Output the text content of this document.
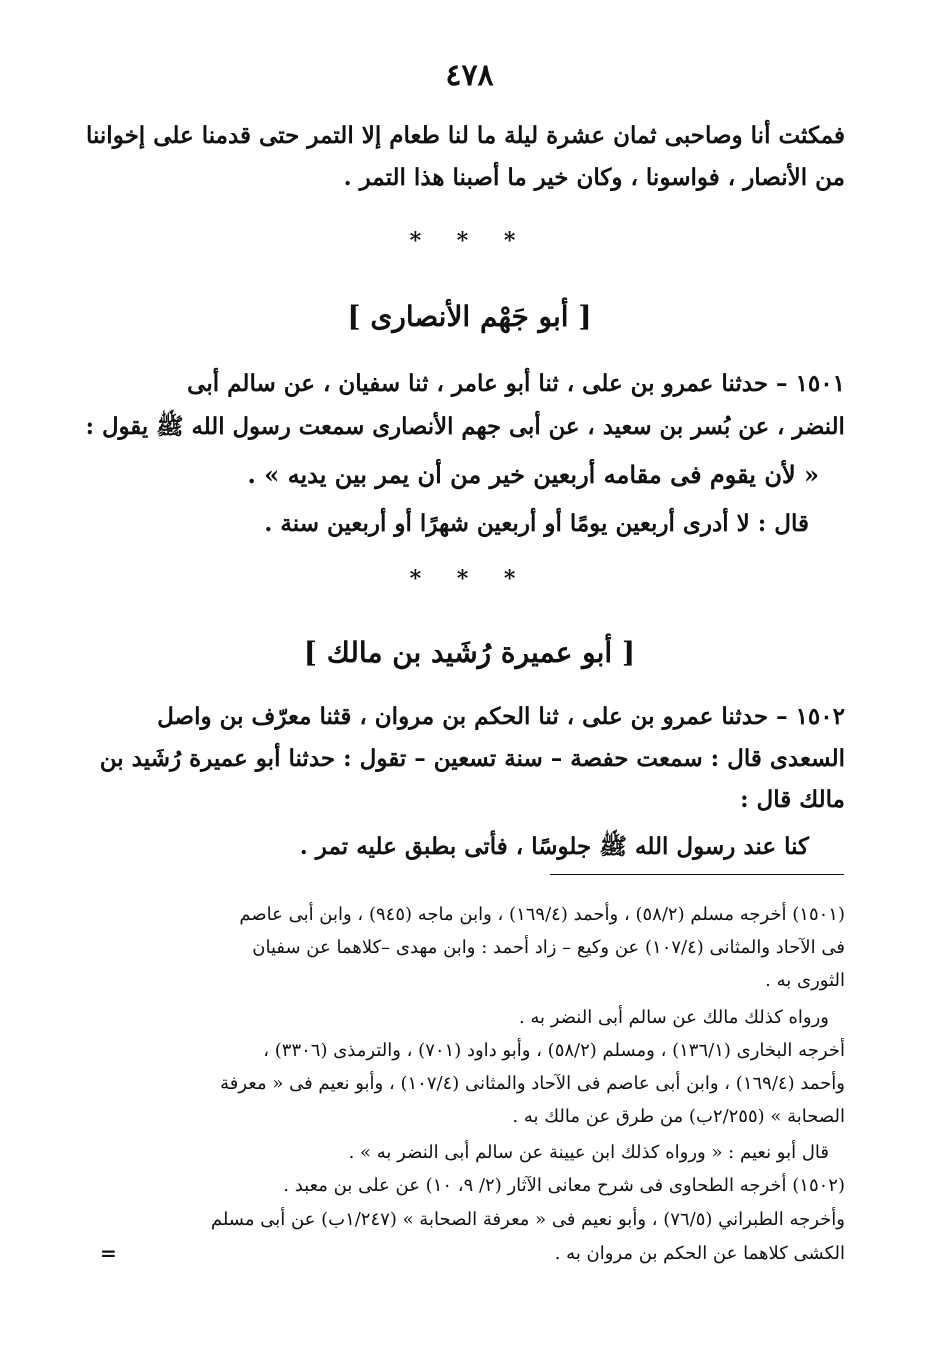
٤٧٨
فمكثت أنا وصاحبى ثمان عشرة ليلة ما لنا طعام إلا التمر حتى قدمنا على إخواننا
من الأنصار ، فواسونا ، وكان خير ما أصبنا هذا التمر .
* * *
[ أبو جَهْم الأنصارى ]
١٥٠١ – حدثنا عمرو بن على ، ثنا أبو عامر ، ثنا سفيان ، عن سالم أبى
النضر ، عن بُسر بن سعيد ، عن أبى جهم الأنصارى سمعت رسول الله ﷺ يقول :
« لأن يقوم فى مقامه أربعين خير من أن يمر بين يديه » .
قال : لا أدرى أربعين يومًا أو أربعين شهرًا أو أربعين سنة .
* * *
[ أبو عميرة رُشَيد بن مالك ]
١٥٠٢ – حدثنا عمرو بن على ، ثنا الحكم بن مروان ، قثنا معرّف بن واصل
السعدى قال : سمعت حفصة – سنة تسعين – تقول : حدثنا أبو عميرة رُشَيد بن
مالك قال :
كنا عند رسول الله ﷺ جلوسًا ، فأتى بطبق عليه تمر .
(١٥٠١) أخرجه مسلم (٥٨/٢) ، وأحمد (١٦٩/٤) ، وابن ماجه (٩٤٥) ، وابن أبى عاصم
فى الآحاد والمثانى (١٠٧/٤) عن وكيع – زاد أحمد : وابن مهدى –كلاهما عن سفيان
الثورى به .
ورواه كذلك مالك عن سالم أبى النضر به .
أخرجه البخارى (١٣٦/١) ، ومسلم (٥٨/٢) ، وأبو داود (٧٠١) ، والترمذى (٣٣٠٦) ،
وأحمد (١٦٩/٤) ، وابن أبى عاصم فى الآحاد والمثانى (١٠٧/٤) ، وأبو نعيم فى « معرفة
الصحابة » (٢/٢٥٥ب) من طرق عن مالك به .
قال أبو نعيم : « ورواه كذلك ابن عيينة عن سالم أبى النضر به » .
(١٥٠٢) أخرجه الطحاوى فى شرح معانى الآثار (٢/ ٩، ١٠) عن على بن معبد .
وأخرجه الطبراني (٧٦/٥) ، وأبو نعيم فى « معرفة الصحابة » (١/٢٤٧ب) عن أبى مسلم
الكشى كلاهما عن الحكم بن مروان به .
=
